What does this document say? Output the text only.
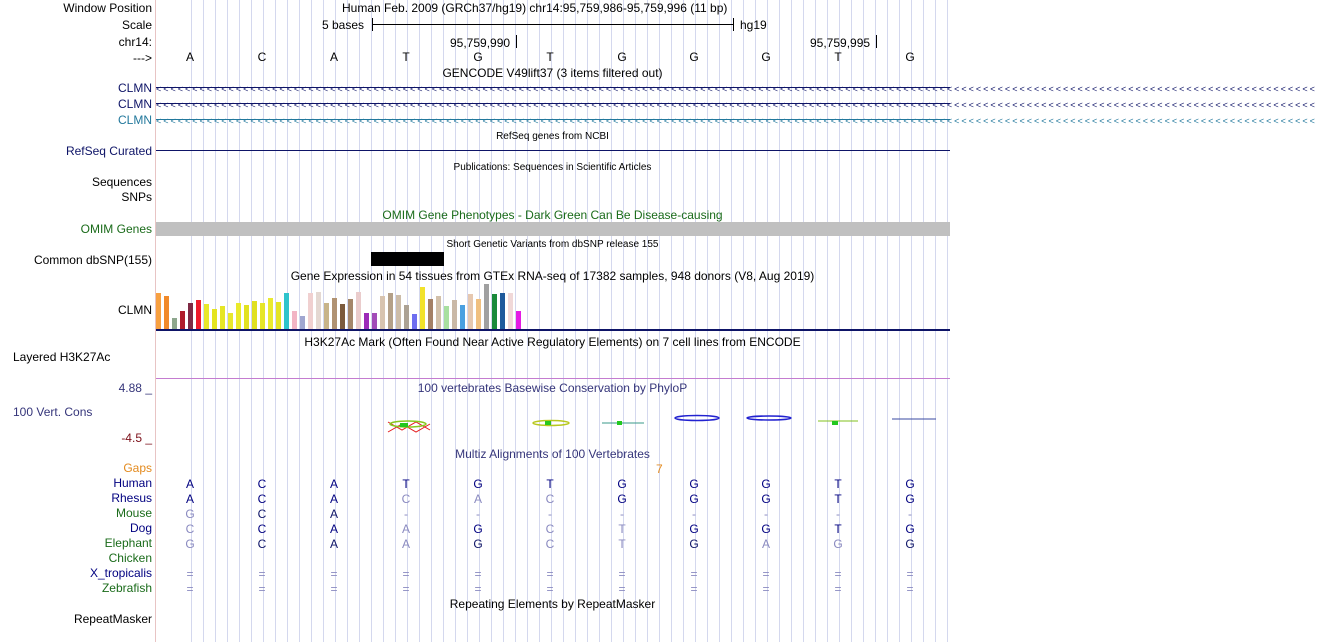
Window Position	Human Feb. 2009 (GRCh37/hg19) chr14:95,759,986-95,759,996 (11 bp)
Scale	5 bases	hg19
chr14:	95,759,990	95,759,995
--->	A	C	A	T	G	T	G	G	G	T	G
GENCODE V49lift37 (3 items filtered out)
CLMN <<<<<<<<<<<<<<<<<<<<<<<<<<<<<<<<<<<<<<<<<<<<<<<<<<<<<<<<<<<<<<<<<<<<<<<<<<<<<<<<<<<<<<<<<<<<<<<<<<<<<<<<<<<<<<<<<<<<<<<<<<<<<<<<<<<<<<<<<<<<<<<<<<<<<<<<<<<<<<<<
CLMN <<<<<<<<<<<<<<<<<<<<<<<<<<<<<<<<<<<<<<<<<<<<<<<<<<<<<<<<<<<<<<<<<<<<<<<<<<<<<<<<<<<<<<<<<<<<<<<<<<<<<<<<<<<<<<<<<<<<<<<<<<<<<<<<<<<<<<<<<<<<<<<<<<<<<<<<<<<<<<<<
CLMN <<<<<<<<<<<<<<<<<<<<<<<<<<<<<<<<<<<<<<<<<<<<<<<<<<<<<<<<<<<<<<<<<<<<<<<<<<<<<<<<<<<<<<<<<<<<<<<<<<<<<<<<<<<<<<<<<<<<<<<<<<<<<<<<<<<<<<<<<<<<<<<<<<<<<<<<<<<<<<<<
RefSeq genes from NCBI
RefSeq Curated
Publications: Sequences in Scientific Articles
Sequences
SNPs
OMIM Gene Phenotypes - Dark Green Can Be Disease-causing
OMIM Genes
Short Genetic Variants from dbSNP release 155
Common dbSNP(155)
Gene Expression in 54 tissues from GTEx RNA-seq of 17382 samples, 948 donors (V8, Aug 2019)
CLMN
H3K27Ac Mark (Often Found Near Active Regulatory Elements) on 7 cell lines from ENCODE
Layered H3K27Ac
100 vertebrates Basewise Conservation by PhyloP
4.88 _
100 Vert. Cons
-4.5 _
Multiz Alignments of 100 Vertebrates
Gaps	7
Human	A	C	A	T	G	T	G	G	G	T	G
Rhesus	A	C	A	C	A	C	G	G	G	T	G
Mouse	G	C	A	-	-	-	-	-	-	-	-
Dog	C	C	A	A	G	C	T	G	G	T	G
Elephant	G	C	A	A	G	C	T	G	A	G	G
Chicken
X_tropicalis	=	=	=	=	=	=	=	=	=	=	=
Zebrafish	=	=	=	=	=	=	=	=	=	=	=
Repeating Elements by RepeatMasker
RepeatMasker
